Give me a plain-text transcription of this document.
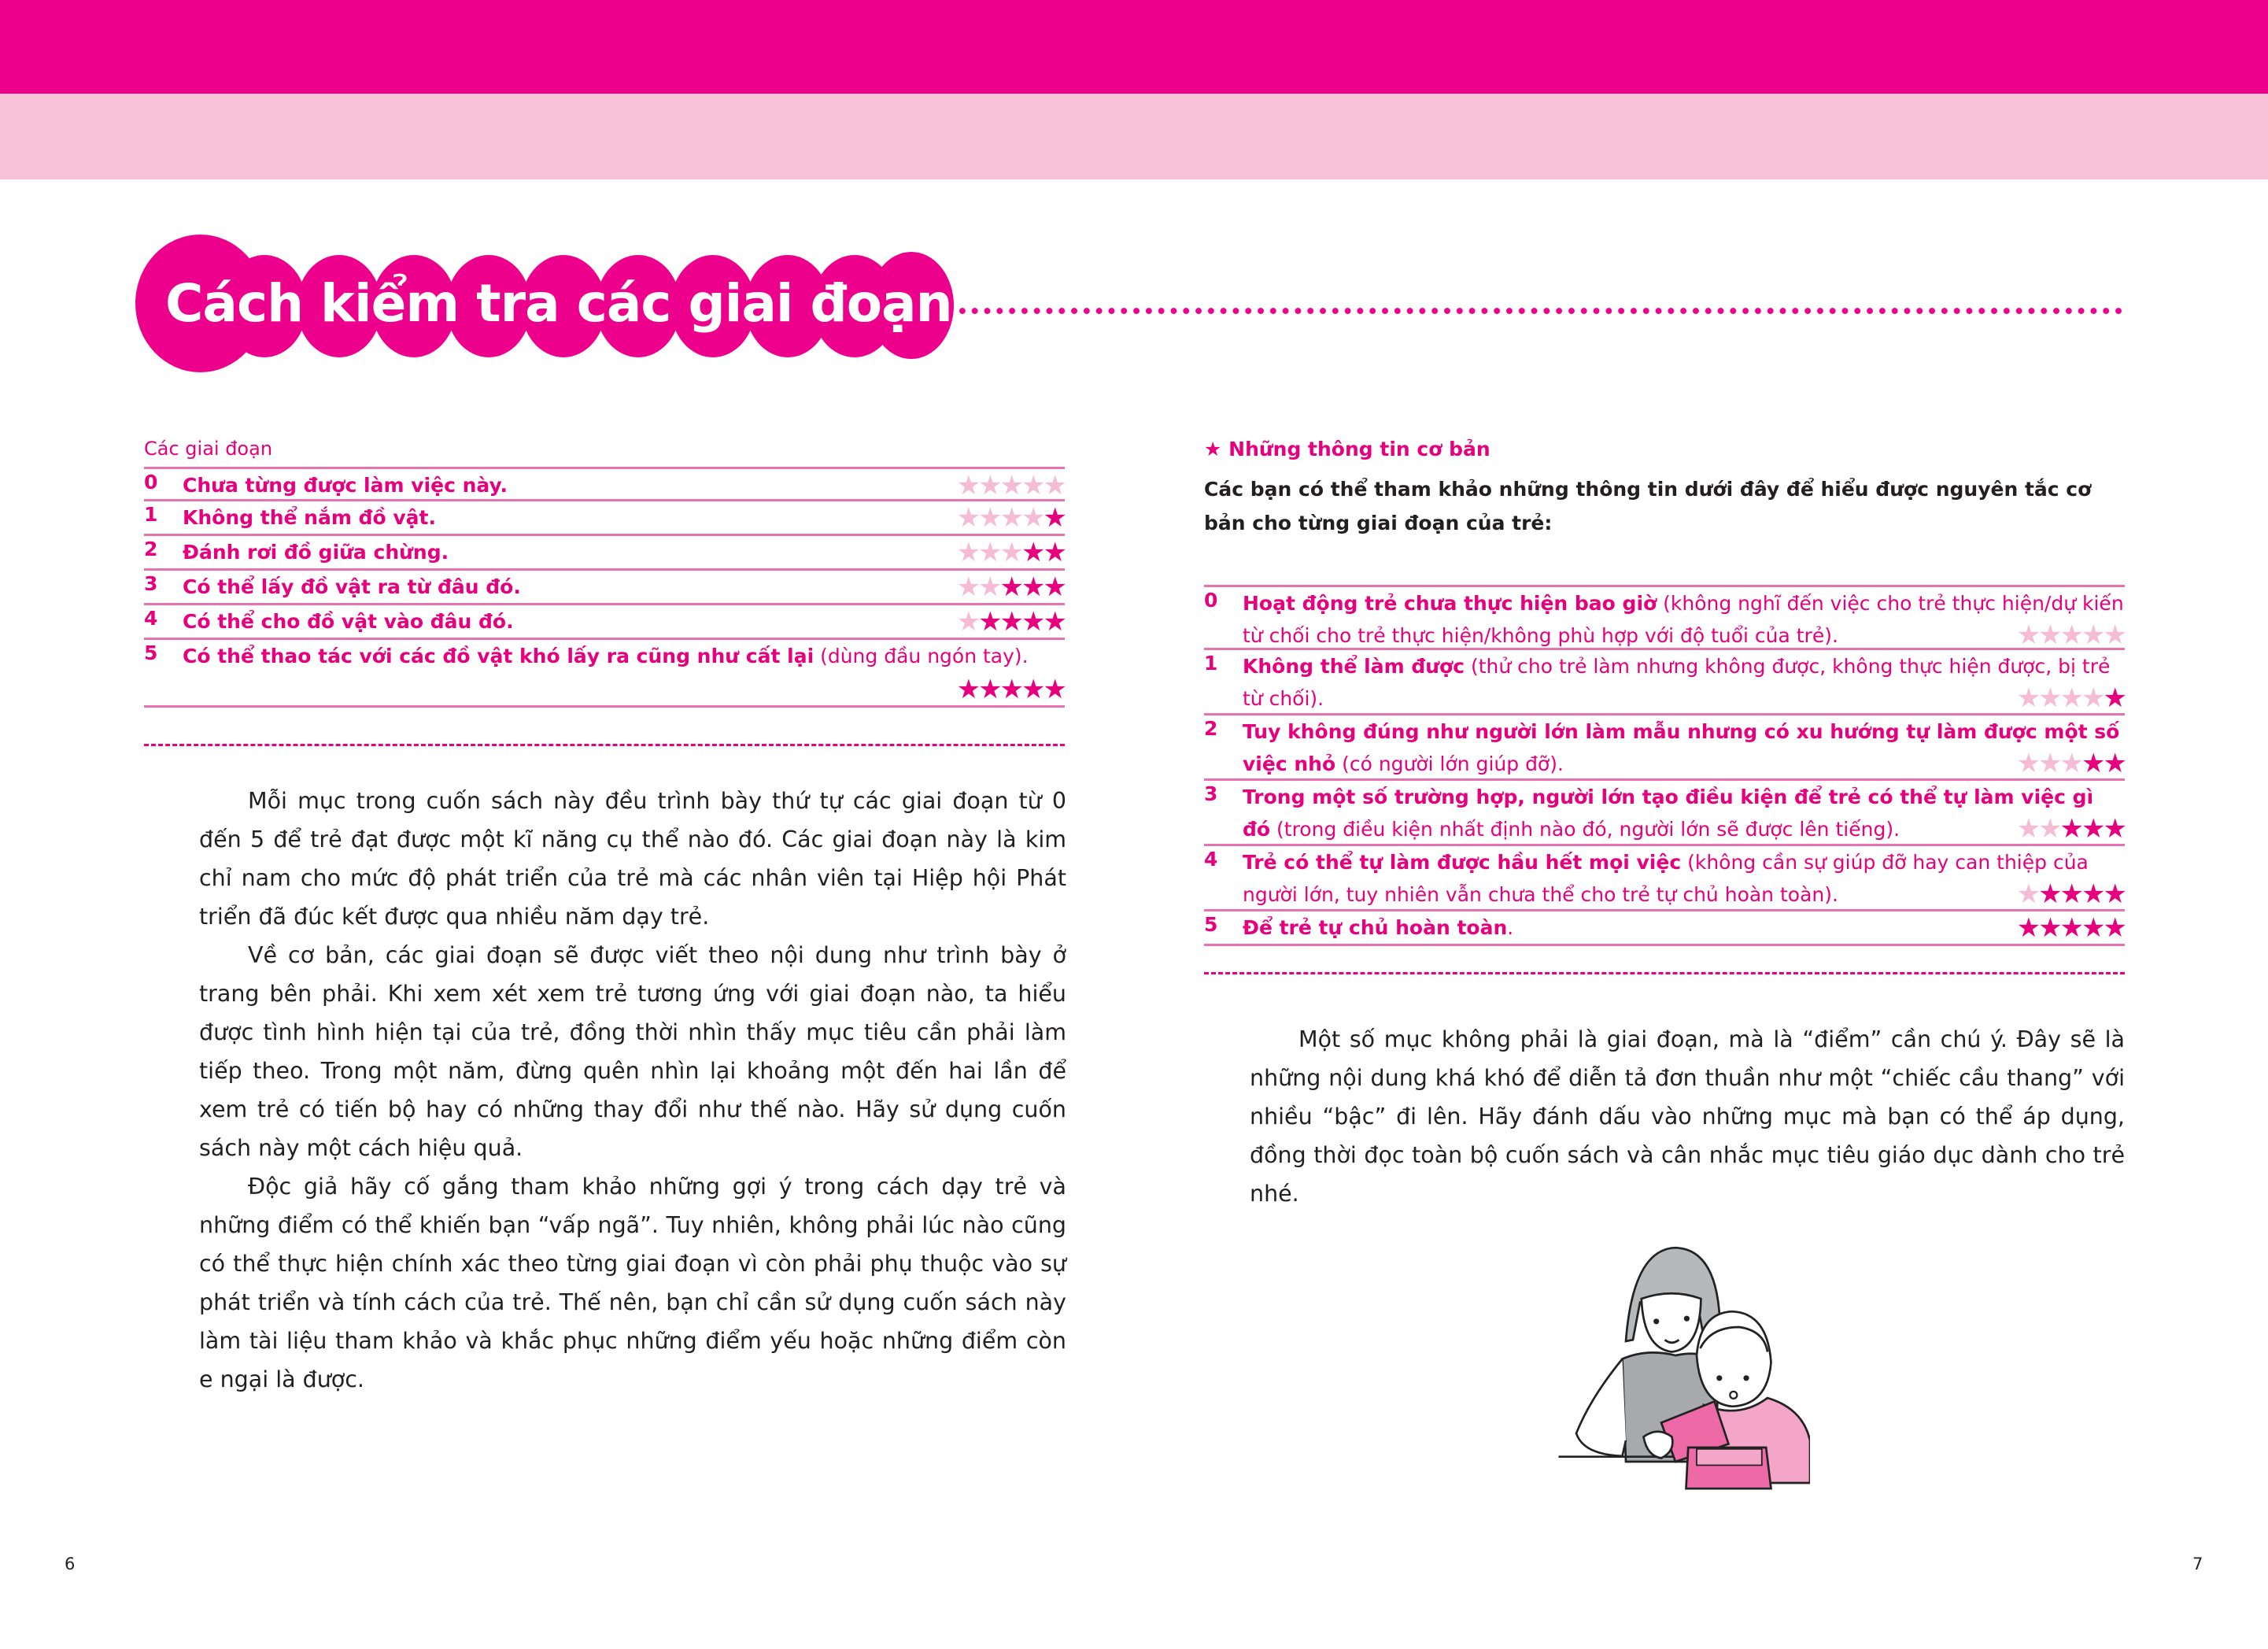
Cách kiểm tra các giai đoạn
Các giai đoạn
0 Chưa từng được làm việc này.	★★★★★
1 Không thể nắm đồ vật.	★★★★★
2 Đánh rơi đồ giữa chừng.	★★★★★
3 Có thể lấy đồ vật ra từ đâu đó.	★★★★★
4 Có thể cho đồ vật vào đâu đó.	★★★★★
5 Có thể thao tác với các đồ vật khó lấy ra cũng như cất lại (dùng đầu ngón tay).
★★★★★

Mỗi mục trong cuốn sách này đều trình bày thứ tự các giai đoạn từ 0 đến 5 để trẻ đạt được một kĩ năng cụ thể nào đó. Các giai đoạn này là kim chỉ nam cho mức độ phát triển của trẻ mà các nhân viên tại Hiệp hội Phát triển đã đúc kết được qua nhiều năm dạy trẻ.

Về cơ bản, các giai đoạn sẽ được viết theo nội dung như trình bày ở trang bên phải. Khi xem xét xem trẻ tương ứng với giai đoạn nào, ta hiểu được tình hình hiện tại của trẻ, đồng thời nhìn thấy mục tiêu cần phải làm tiếp theo. Trong một năm, đừng quên nhìn lại khoảng một đến hai lần để xem trẻ có tiến bộ hay có những thay đổi như thế nào. Hãy sử dụng cuốn sách này một cách hiệu quả.

Độc giả hãy cố gắng tham khảo những gợi ý trong cách dạy trẻ và những điểm có thể khiến bạn “vấp ngã”. Tuy nhiên, không phải lúc nào cũng có thể thực hiện chính xác theo từng giai đoạn vì còn phải phụ thuộc vào sự phát triển và tính cách của trẻ. Thế nên, bạn chỉ cần sử dụng cuốn sách này làm tài liệu tham khảo và khắc phục những điểm yếu hoặc những điểm còn e ngại là được.

6
★ Những thông tin cơ bản
Các bạn có thể tham khảo những thông tin dưới đây để hiểu được nguyên tắc cơ bản cho từng giai đoạn của trẻ:
0 Hoạt động trẻ chưa thực hiện bao giờ (không nghĩ đến việc cho trẻ thực hiện/dự kiến từ chối cho trẻ thực hiện/không phù hợp với độ tuổi của trẻ).	★★★★★
1 Không thể làm được (thử cho trẻ làm nhưng không được, không thực hiện được, bị trẻ từ chối).	★★★★★
2 Tuy không đúng như người lớn làm mẫu nhưng có xu hướng tự làm được một số việc nhỏ (có người lớn giúp đỡ).	★★★★★
3 Trong một số trường hợp, người lớn tạo điều kiện để trẻ có thể tự làm việc gì đó (trong điều kiện nhất định nào đó, người lớn sẽ được lên tiếng).	★★★★★
4 Trẻ có thể tự làm được hầu hết mọi việc (không cần sự giúp đỡ hay can thiệp của người lớn, tuy nhiên vẫn chưa thể cho trẻ tự chủ hoàn toàn).	★★★★★
5 Để trẻ tự chủ hoàn toàn.	★★★★★

Một số mục không phải là giai đoạn, mà là “điểm” cần chú ý. Đây sẽ là những nội dung khá khó để diễn tả đơn thuần như một “chiếc cầu thang” với nhiều “bậc” đi lên. Hãy đánh dấu vào những mục mà bạn có thể áp dụng, đồng thời đọc toàn bộ cuốn sách và cân nhắc mục tiêu giáo dục dành cho trẻ nhé.

7
